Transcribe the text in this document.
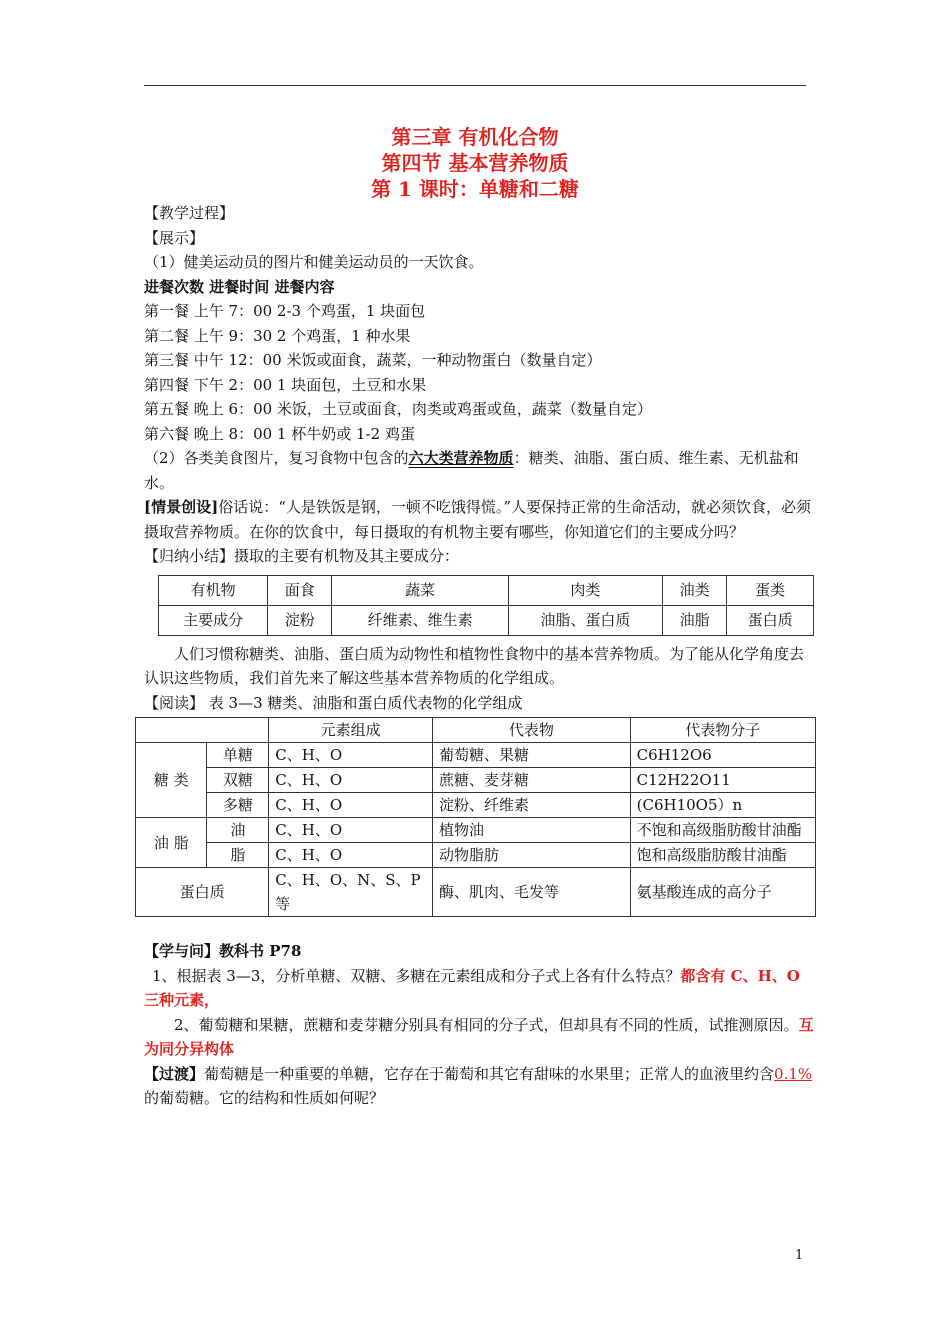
第三章 有机化合物
第四节 基本营养物质
第 1 课时：单糖和二糖

【教学过程】

【展示】

（1）健美运动员的图片和健美运动员的一天饮食。

进餐次数 进餐时间 进餐内容

第一餐 上午 7：00 2-3 个鸡蛋，1 块面包

第二餐 上午 9：30 2 个鸡蛋，1 种水果

第三餐 中午 12：00 米饭或面食，蔬菜，一种动物蛋白（数量自定）

第四餐 下午 2：00 1 块面包，土豆和水果

第五餐 晚上 6：00 米饭，土豆或面食，肉类或鸡蛋或鱼，蔬菜（数量自定）

第六餐 晚上 8：00 1 杯牛奶或 1-2 鸡蛋

（2）各类美食图片，复习食物中包含的六大类营养物质：糖类、油脂、蛋白质、维生素、无机盐和水。

[情景创设]俗话说：“人是铁饭是钢，一顿不吃饿得慌。”人要保持正常的生命活动，就必须饮食，必须摄取营养物质。在你的饮食中，每日摄取的有机物主要有哪些，你知道它们的主要成分吗？

【归纳小结】摄取的主要有机物及其主要成分：

有机物	面食	蔬菜	肉类	油类	蛋类
主要成分	淀粉	纤维素、维生素	油脂、蛋白质	油脂	蛋白质

人们习惯称糖类、油脂、蛋白质为动物性和植物性食物中的基本营养物质。为了能从化学角度去认识这些物质，我们首先来了解这些基本营养物质的化学组成。

【阅读】 表 3—3 糖类、油脂和蛋白质代表物的化学组成

		元素组成	代表物	代表物分子
糖 类	单糖	C、H、O	葡萄糖、果糖	C6H12O6
	双糖	C、H、O	蔗糖、麦芽糖	C12H22O11
	多糖	C、H、O	淀粉、纤维素	(C6H10O5）n
油 脂	油	C、H、O	植物油	不饱和高级脂肪酸甘油酯
	脂	C、H、O	动物脂肪	饱和高级脂肪酸甘油酯
蛋白质		C、H、O、N、S、P 等	酶、肌肉、毛发等	氨基酸连成的高分子

【学与问】教科书 P78

1、根据表 3—3，分析单糖、双糖、多糖在元素组成和分子式上各有什么特点？都含有 C、H、O 三种元素，

2、葡萄糖和果糖，蔗糖和麦芽糖分别具有相同的分子式，但却具有不同的性质，试推测原因。互为同分异构体

【过渡】葡萄糖是一种重要的单糖，它存在于葡萄和其它有甜味的水果里；正常人的血液里约含0.1%的葡萄糖。它的结构和性质如何呢？

1
